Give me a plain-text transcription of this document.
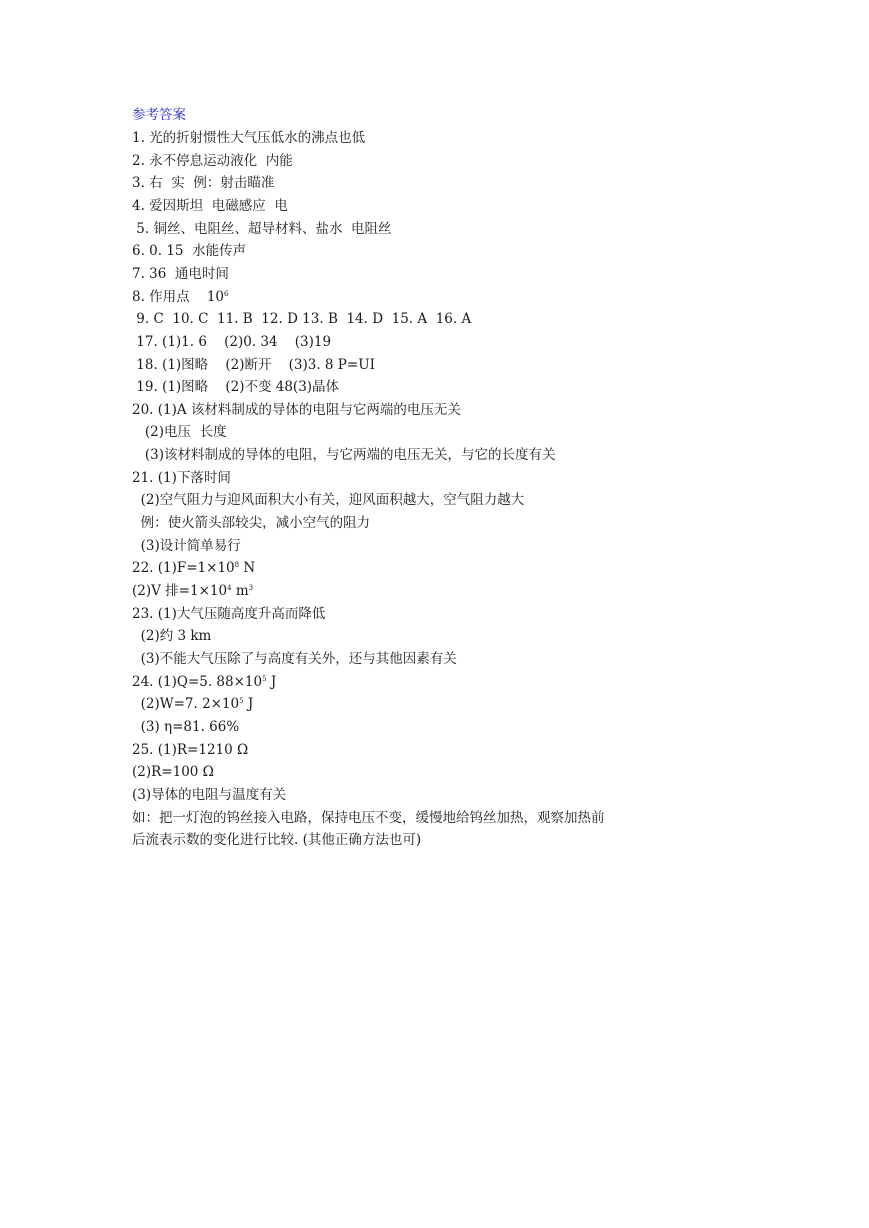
参考答案
1. 光的折射惯性大气压低水的沸点也低
2. 永不停息运动液化  内能
3. 右  实  例：射击瞄准
4. 爱因斯坦  电磁感应  电
5. 铜丝、电阻丝、超导材料、盐水  电阻丝
6. 0. 15  水能传声
7. 36  通电时间
8. 作用点    $10^6$
9. C  10. C  11. B  12. D 13. B  14. D  15. A  16. A
17. (1)1. 6    (2)0. 34    (3)19
18. (1)图略    (2)断开    (3)3. 8 P=UI
19. (1)图略    (2)不变 48(3)晶体
20. (1)A 该材料制成的导体的电阻与它两端的电压无关
(2)电压  长度
(3)该材料制成的导体的电阻，与它两端的电压无关，与它的长度有关
21. (1)下落时间
(2)空气阻力与迎风面积大小有关，迎风面积越大，空气阻力越大
例：使火箭头部较尖，减小空气的阻力
(3)设计简单易行
22. $(1)F=1\times 10^8$ N
(2)V 排$=1\times 10^4$ $m^3$
23. (1)大气压随高度升高而降低
(2)约 3 km
(3)不能大气压除了与高度有关外，还与其他因素有关
24. (1)Q=5. $88\times 10^5$ J
(2)W=7. $2\times 10^5$ J
(3) η=81. 66%
25. (1)R=1210 Ω
(2)R=100 Ω
(3)导体的电阻与温度有关
如：把一灯泡的钨丝接入电路，保持电压不变，缓慢地给钨丝加热，观察加热前
后流表示数的变化进行比较. (其他正确方法也可)
